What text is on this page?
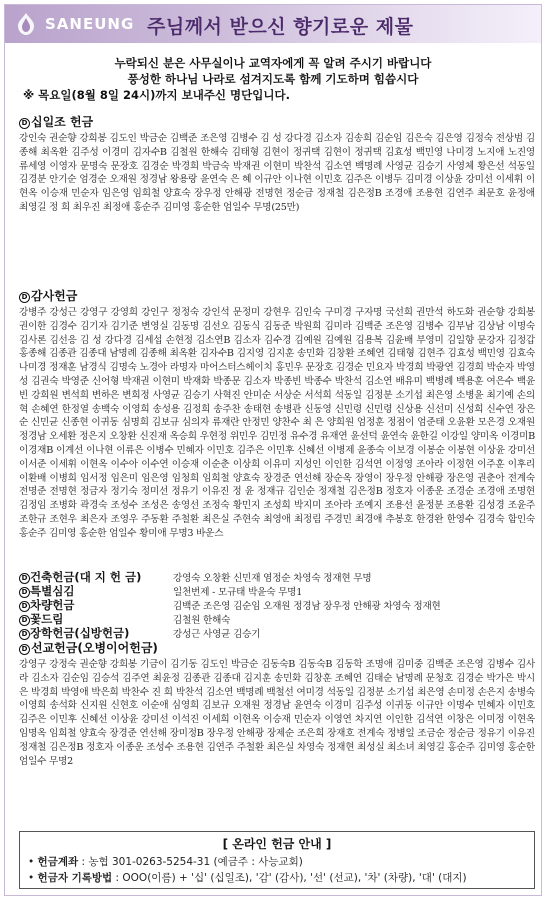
SANEUNG 주님께서 받으신 향기로운 제물
누락되신 분은 사무실이나 교역자에게 꼭 알려 주시기 바랍니다
풍성한 하나님 나라로 섬겨지도록 함께 기도하며 힘씁시다
※ 목요일(8월 8일 24시)까지 보내주신 명단입니다.
D 십일조 헌금
강인숙 권순향 강희봉 김도인 박금순 김백준 조은영 김병수 김 성 강다경 김소자 김송희 김순임 김은숙 김은영 김정숙 전상범 김종해 최옥환 김주성 이경미 김자수B 김철원 한해숙 김태형 김현이 정귀택 김현이 정귀택 김효성 백민영 나미경 노지애 노진영 류세영 이영자 문명숙 문장호 김경순 박경희 박금숙 박재권 이현미 박찬석 김소연 백명례 사영균 김승기 사영체 황은선 석동일 김경분 안기순 엄경순 오재원 정경남 왕용랑 윤연숙 은 혜 이규안 이나현 이민호 김주은 이병두 김미경 이상윤 강미선 이세휘 이현옥 이승재 민순자 임은영 임희철 양효숙 장우정 안해광 전명현 정순금 정재철 김은정B 조경애 조용현 김연주 최문호 윤정애 최영길 정 희 최우진 최정애 홍순주 김미영 홍순한 엄일수 무명(25만)
D 감사헌금
강병주 강성근 강영구 강영희 강인구 정정숙 강인석 문정미 강현우 김인숙 구미경 구자명 국선희 권만석 하도화 권순향 강희봉 권이한 김경수 김기자 김기준 변영실 김동명 김선오 김동식 김동준 박원희 김미라 김백준 조은영 김병수 김부남 김상남 이명숙 김사론 김선응 김 성 강다경 김세섭 손현정 김소연B 김소자 김수경 김예원 김예원 김용복 김윤배 부영미 김일향 문강자 김정갑 홍종해 김종관 김종대 남명례 김종해 최옥환 김자수B 김지영 김지훈 송민화 김창환 조혜연 김태형 김현주 김효성 백민영 김효숙 나미경 정재훈 남경식 김명숙 노경아 라명자 마어스터스헤이치 홍민우 문장호 김경순 민요자 박경희 박광연 김경희 박순자 박영성 김권숙 박영준 신어형 박재권 이현미 박재화 박종문 김소자 박종빈 박종수 박찬석 김소연 배유미 백병례 백용훈 여은수 백윤빈 강희원 변석희 변하은 변희정 사영균 김승기 사혁진 안미순 서상순 서석희 석동일 김정분 소기섭 최은영 소병윤 최기예 손의혁 손혜연 한정열 송백숙 이영희 송성용 김정희 송주찬 송태현 송병관 신동영 신민령 신민령 신상용 신선미 신성희 신수연 장은순 신민균 신종현 이귀동 심명희 김보규 심의자 류재란 안정민 양찬수 최 은 양희원 엄정훈 정점이 엄준태 오윤환 모은경 오재원 정경남 오세환 정은지 오창환 신진재 옥승희 우현정 위민우 김민정 유수경 유재연 윤선덕 윤연숙 윤한길 이강일 양미옥 이경미B 이경재B 이계선 이나현 이류은 이병수 민혜자 이민호 김주은 이민후 신혜선 이병제 윤종숙 이보경 이봉순 이봉현 이상윤 강미선 이서준 이세휘 이현옥 이수아 이수연 이승재 이순춘 이상희 이유미 지성인 이인한 김석연 이정영 조아라 이정현 이주훈 이후리 이환배 이병희 임서정 임은미 임은영 임청희 임희철 양효숙 장경준 연선해 장순옥 장영이 장우정 안해광 장은영 권춘아 전계숙 전명준 전명현 정금자 정기숙 정미선 정유기 이유진 정 윤 정재규 김인순 정재철 김은정B 정호자 이종운 조경순 조경애 조명현 김정임 조병화 곽경숙 조성수 조성은 송영선 조정숙 황민지 조성희 박지미 조아라 조예지 조용선 윤정분 조용환 김성경 조윤주 조한규 조현우 최은자 조영우 주동환 주철환 최은실 주현숙 최영애 최정림 주경민 최경애 추봉호 한경완 한영수 김경숙 함인숙 홍순주 김미영 홍순한 엄일수 황미애 무명3 바운스
D 건축헌금(대 지 헌 금)	강영숙 오창환 신민재 염정순 차영숙 정재현 무명
D 특별심김	일천번제 - 모규태 박윤숙 무명1
D 차량헌금	김백준 조은영 김순임 오재원 정경남 장우정 안해광 차영숙 정재현
D 꽃드림	김철원 한해숙
D 장학헌금(십방헌금)	강성근 사영균 김승기
D 선교헌금(오병이어헌금)
강영구 강정숙 권순향 강희봉 기금이 김기동 김도인 박금순 김동숙B 김동숙B 김동학 조명애 김미중 김백준 조은영 김병수 김사라 김소자 김순임 김승석 김주연 최윤정 김종관 김종대 김지훈 송민화 김창훈 조혜연 김태순 남명례 문청호 김경순 박가은 박시은 박경희 박영애 박은희 박찬수 진 희 박찬석 김소연 백명례 백철선 여미경 석동일 김정분 소기섭 최은영 손미정 손은지 송병숙 이영희 송석화 신지원 신현호 이순애 심영희 김보규 오재원 정경남 윤연숙 이경미 김주성 이귀동 이규안 이명수 민혜자 이민호 김주은 이민후 신혜선 이상윤 강미선 이석진 이세희 이현옥 이승재 민순자 이영연 차지연 이인한 김석연 이창은 이미정 이현옥 임명옥 임희철 양효숙 장경준 연선해 장미정B 장우정 안해광 장제순 조은희 장재호 전계숙 정병일 조금순 정순금 정유기 이유진 정재철 김은정B 정호자 이종운 조성수 조용현 김연주 주철환 최은실 차영숙 정재현 최성실 최소녀 최영길 홍순주 김미영 홍순한 엄일수 무명2
[ 온라인 헌금 안내 ]
• 헌금계좌 : 농협 301-0263-5254-31 (예금주 : 사능교회)
• 헌금자 기록방법 : OOO(이름) + '십' (십일조), '감' (감사), '선' (선교), '차' (차량), '대' (대지)
